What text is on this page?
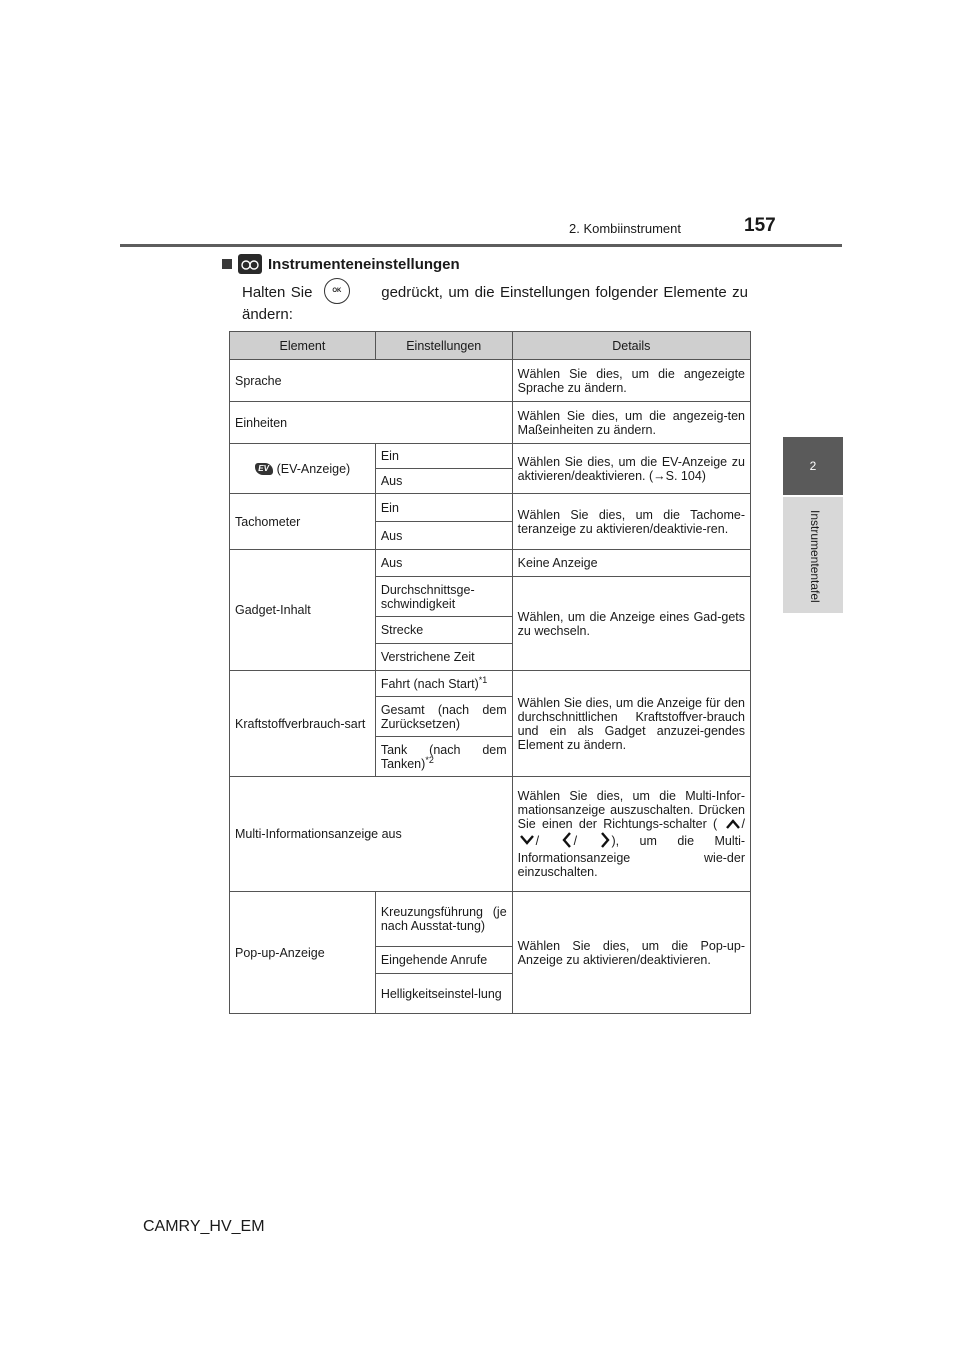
2. Kombiinstrument	157
2
Instrumententafel
Instrumenteneinstellungen
Halten Sie	OK	gedrückt, um die Einstellungen folgender Elemente zu ändern:
Element	Einstellungen	Details
Sprache		Wählen Sie dies, um die angezeigte Sprache zu ändern.
Einheiten		Wählen Sie dies, um die angezeig-ten Maßeinheiten zu ändern.
EV (EV-Anzeige)	Ein	Wählen Sie dies, um die EV-Anzeige zu aktivieren/deaktivieren. (→S. 104)
	Aus	
Tachometer	Ein	Wählen Sie dies, um die Tachome-teranzeige zu aktivieren/deaktivie-ren.
	Aus	
Gadget-Inhalt	Aus	Keine Anzeige
	Durchschnittsge-schwindigkeit	Wählen, um die Anzeige eines Gad-gets zu wechseln.
	Strecke	
	Verstrichene Zeit	
Kraftstoffverbrauch-sart	Fahrt (nach Start)$^{*1}$	Wählen Sie dies, um die Anzeige für den durchschnittlichen Kraftstoffver-brauch und ein als Gadget anzuzei-gendes Element zu ändern.
	Gesamt (nach dem Zurücksetzen)	
	Tank (nach dem Tanken)$^{*2}$
Multi-Informationsanzeige aus		Wählen Sie dies, um die Multi-Infor-mationsanzeige auszuschalten. Drücken Sie einen der Richtungs-schalter ( / / / ), um die Multi-Informationsanzeige wie-der einzuschalten.
Pop-up-Anzeige	Kreuzungsführung (je nach Ausstat-tung)	Wählen Sie dies, um die Pop-up-Anzeige zu aktivieren/deaktivieren.
	Eingehende Anrufe	
	Helligkeitseinstel-lung	
CAMRY_HV_EM
